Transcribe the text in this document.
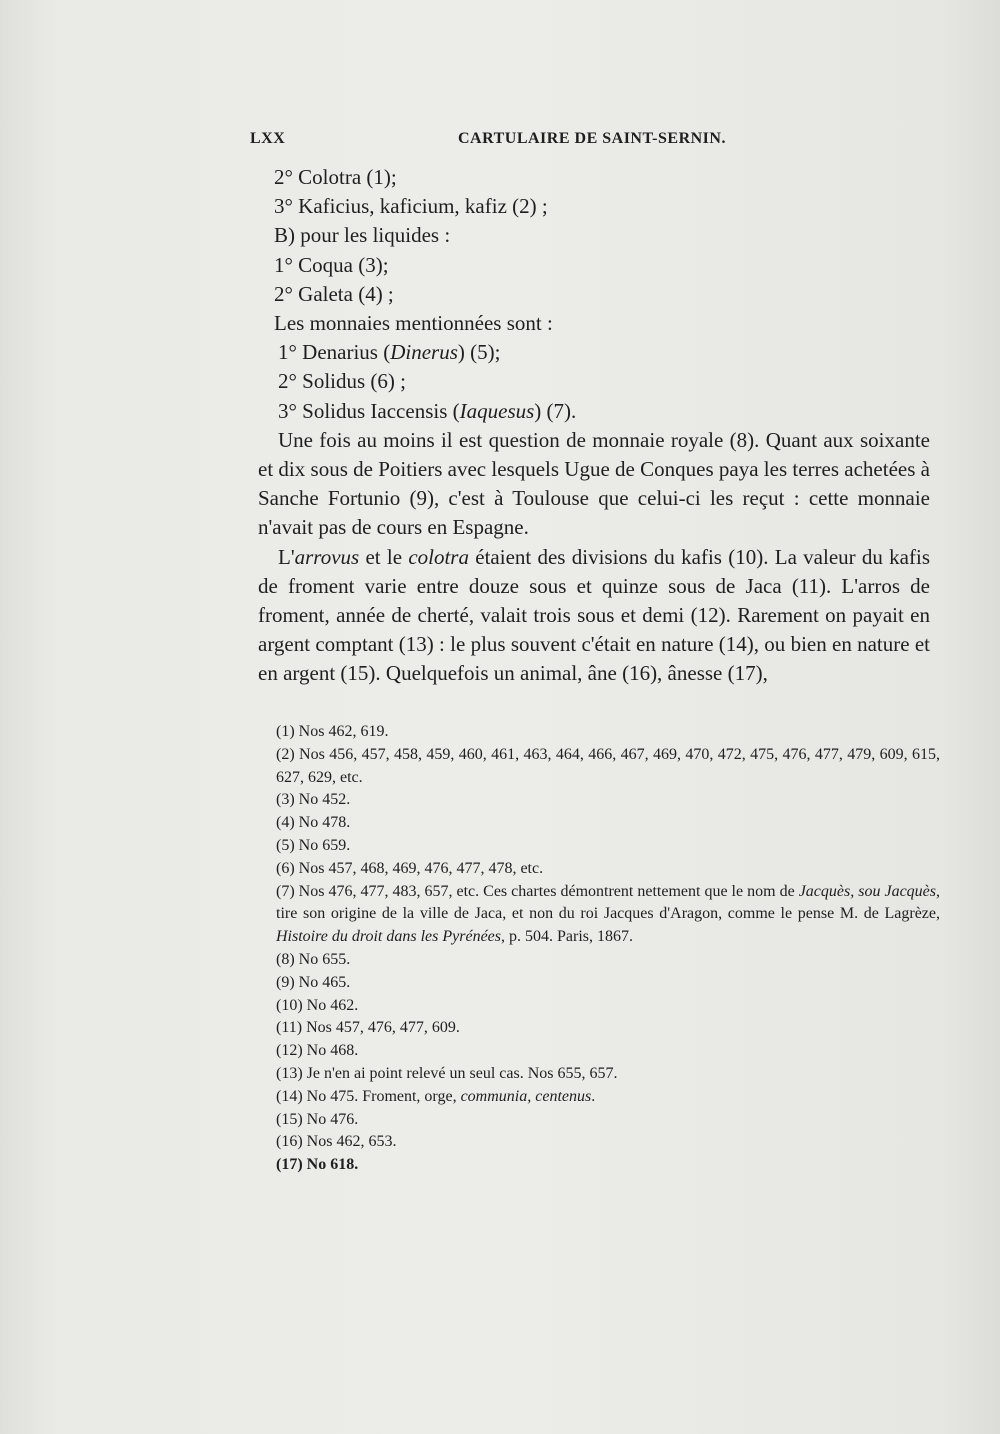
LXX	CARTULAIRE DE SAINT-SERNIN.
2° Colotra (1);
3° Kaficius, kaficium, kafiz (2) ;
B) pour les liquides :
1° Coqua (3);
2° Galeta (4) ;
Les monnaies mentionnées sont :
1° Denarius (Dinerus) (5);
2° Solidus (6) ;
3° Solidus Iaccensis (Iaquesus) (7).
Une fois au moins il est question de monnaie royale (8). Quant aux soixante et dix sous de Poitiers avec lesquels Ugue de Conques paya les terres achetées à Sanche Fortunio (9), c'est à Toulouse que celui-ci les reçut : cette monnaie n'avait pas de cours en Espagne.
L'arrovus et le colotra étaient des divisions du kafis (10). La valeur du kafis de froment varie entre douze sous et quinze sous de Jaca (11). L'arros de froment, année de cherté, valait trois sous et demi (12). Rarement on payait en argent comptant (13) : le plus souvent c'était en nature (14), ou bien en nature et en argent (15). Quelquefois un animal, âne (16), ânesse (17),
(1) Nos 462, 619.
(2) Nos 456, 457, 458, 459, 460, 461, 463, 464, 466, 467, 469, 470, 472, 475, 476, 477, 479, 609, 615, 627, 629, etc.
(3) No 452.
(4) No 478.
(5) No 659.
(6) Nos 457, 468, 469, 476, 477, 478, etc.
(7) Nos 476, 477, 483, 657, etc. Ces chartes démontrent nettement que le nom de Jacquès, sou Jacquès, tire son origine de la ville de Jaca, et non du roi Jacques d'Aragon, comme le pense M. de Lagrèze, Histoire du droit dans les Pyrénées, p. 504. Paris, 1867.
(8) No 655.
(9) No 465.
(10) No 462.
(11) Nos 457, 476, 477, 609.
(12) No 468.
(13) Je n'en ai point relevé un seul cas. Nos 655, 657.
(14) No 475. Froment, orge, communia, centenus.
(15) No 476.
(16) Nos 462, 653.
(17) No 618.
